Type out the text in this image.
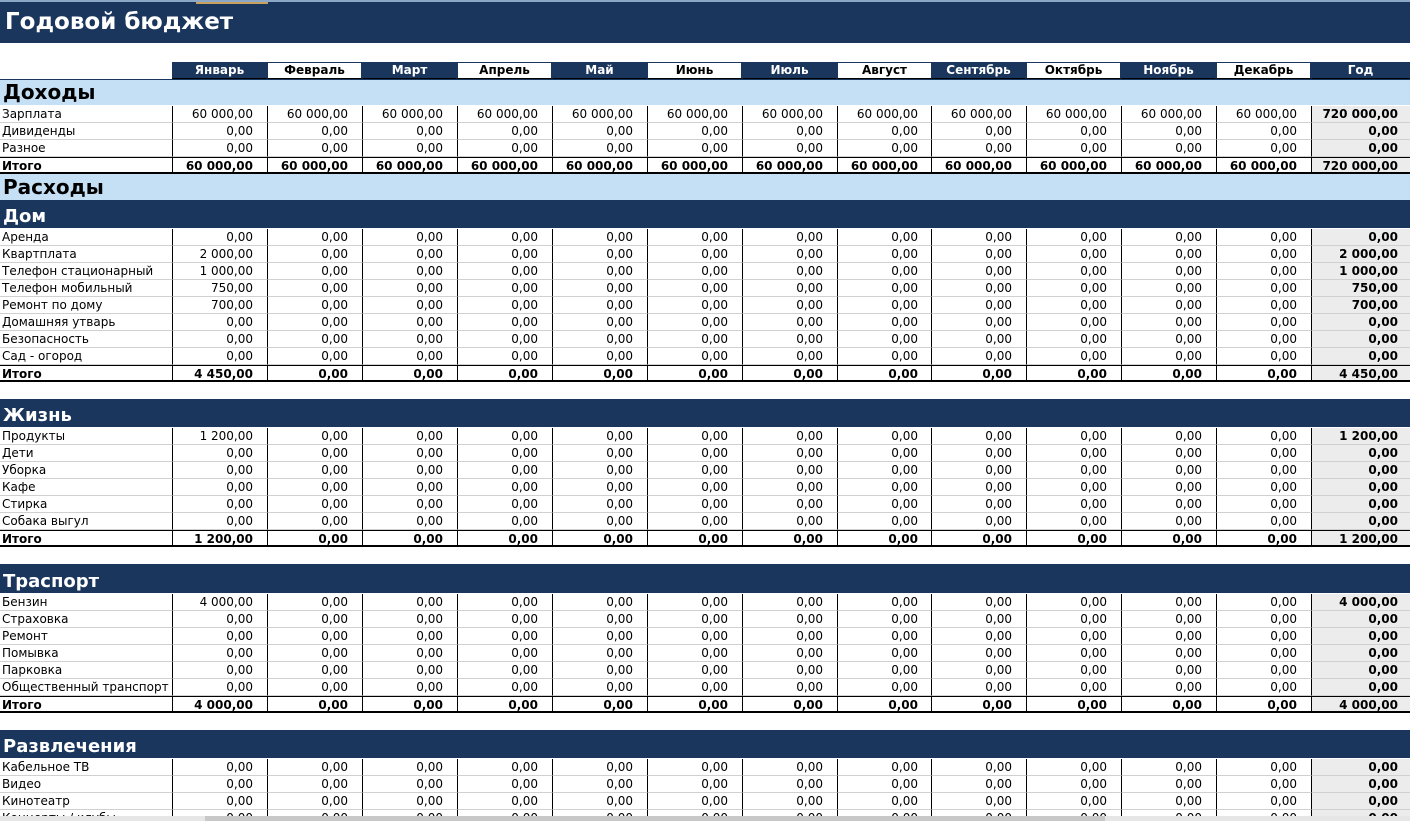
Годовой бюджет
Январь	Февраль	Март	Апрель	Май	Июнь	Июль	Август	Сентябрь	Октябрь	Ноябрь	Декабрь	Год
Доходы
Зарплата	60 000,00	60 000,00	60 000,00	60 000,00	60 000,00	60 000,00	60 000,00	60 000,00	60 000,00	60 000,00	60 000,00	60 000,00	720 000,00
Дивиденды	0,00	0,00	0,00	0,00	0,00	0,00	0,00	0,00	0,00	0,00	0,00	0,00	0,00
Разное	0,00	0,00	0,00	0,00	0,00	0,00	0,00	0,00	0,00	0,00	0,00	0,00	0,00
Итого	60 000,00	60 000,00	60 000,00	60 000,00	60 000,00	60 000,00	60 000,00	60 000,00	60 000,00	60 000,00	60 000,00	60 000,00	720 000,00
Расходы
Дом
Аренда	0,00	0,00	0,00	0,00	0,00	0,00	0,00	0,00	0,00	0,00	0,00	0,00	0,00
Квартплата	2 000,00	0,00	0,00	0,00	0,00	0,00	0,00	0,00	0,00	0,00	0,00	0,00	2 000,00
Телефон стационарный	1 000,00	0,00	0,00	0,00	0,00	0,00	0,00	0,00	0,00	0,00	0,00	0,00	1 000,00
Телефон мобильный	750,00	0,00	0,00	0,00	0,00	0,00	0,00	0,00	0,00	0,00	0,00	0,00	750,00
Ремонт по дому	700,00	0,00	0,00	0,00	0,00	0,00	0,00	0,00	0,00	0,00	0,00	0,00	700,00
Домашняя утварь	0,00	0,00	0,00	0,00	0,00	0,00	0,00	0,00	0,00	0,00	0,00	0,00	0,00
Безопасность	0,00	0,00	0,00	0,00	0,00	0,00	0,00	0,00	0,00	0,00	0,00	0,00	0,00
Сад - огород	0,00	0,00	0,00	0,00	0,00	0,00	0,00	0,00	0,00	0,00	0,00	0,00	0,00
Итого	4 450,00	0,00	0,00	0,00	0,00	0,00	0,00	0,00	0,00	0,00	0,00	0,00	4 450,00
Жизнь
Продукты	1 200,00	0,00	0,00	0,00	0,00	0,00	0,00	0,00	0,00	0,00	0,00	0,00	1 200,00
Дети	0,00	0,00	0,00	0,00	0,00	0,00	0,00	0,00	0,00	0,00	0,00	0,00	0,00
Уборка	0,00	0,00	0,00	0,00	0,00	0,00	0,00	0,00	0,00	0,00	0,00	0,00	0,00
Кафе	0,00	0,00	0,00	0,00	0,00	0,00	0,00	0,00	0,00	0,00	0,00	0,00	0,00
Стирка	0,00	0,00	0,00	0,00	0,00	0,00	0,00	0,00	0,00	0,00	0,00	0,00	0,00
Собака выгул	0,00	0,00	0,00	0,00	0,00	0,00	0,00	0,00	0,00	0,00	0,00	0,00	0,00
Итого	1 200,00	0,00	0,00	0,00	0,00	0,00	0,00	0,00	0,00	0,00	0,00	0,00	1 200,00
Траспорт
Бензин	4 000,00	0,00	0,00	0,00	0,00	0,00	0,00	0,00	0,00	0,00	0,00	0,00	4 000,00
Страховка	0,00	0,00	0,00	0,00	0,00	0,00	0,00	0,00	0,00	0,00	0,00	0,00	0,00
Ремонт	0,00	0,00	0,00	0,00	0,00	0,00	0,00	0,00	0,00	0,00	0,00	0,00	0,00
Помывка	0,00	0,00	0,00	0,00	0,00	0,00	0,00	0,00	0,00	0,00	0,00	0,00	0,00
Парковка	0,00	0,00	0,00	0,00	0,00	0,00	0,00	0,00	0,00	0,00	0,00	0,00	0,00
Общественный транспорт	0,00	0,00	0,00	0,00	0,00	0,00	0,00	0,00	0,00	0,00	0,00	0,00	0,00
Итого	4 000,00	0,00	0,00	0,00	0,00	0,00	0,00	0,00	0,00	0,00	0,00	0,00	4 000,00
Развлечения
Кабельное ТВ	0,00	0,00	0,00	0,00	0,00	0,00	0,00	0,00	0,00	0,00	0,00	0,00	0,00
Видео	0,00	0,00	0,00	0,00	0,00	0,00	0,00	0,00	0,00	0,00	0,00	0,00	0,00
Кинотеатр	0,00	0,00	0,00	0,00	0,00	0,00	0,00	0,00	0,00	0,00	0,00	0,00	0,00
